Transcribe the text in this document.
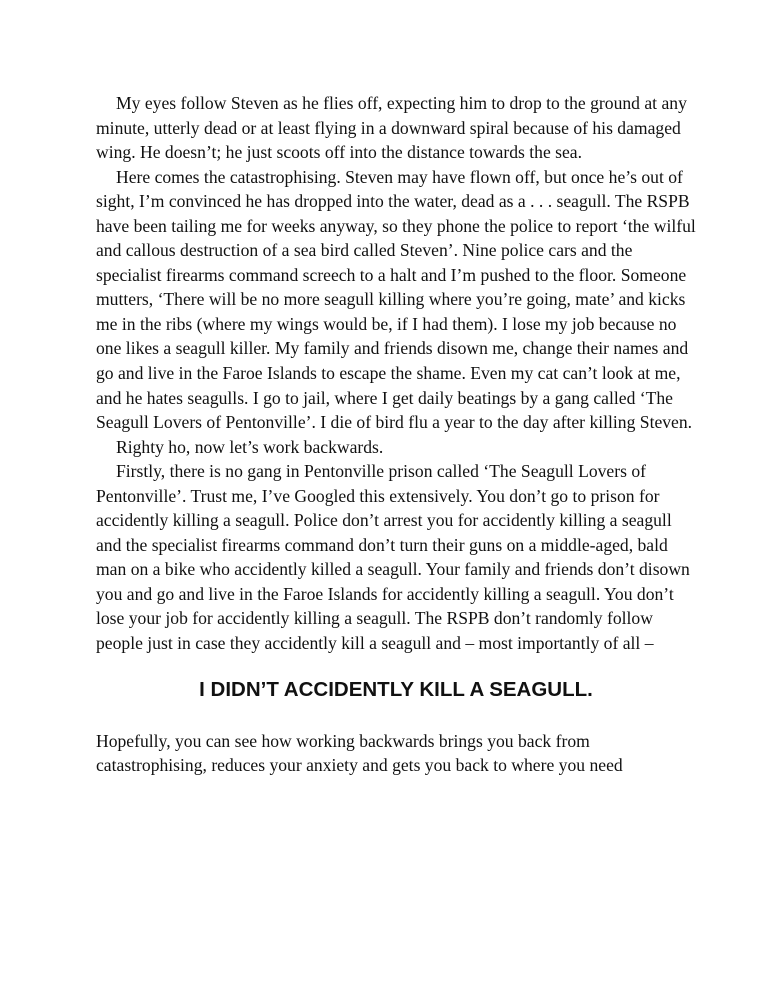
My eyes follow Steven as he flies off, expecting him to drop to the ground at any minute, utterly dead or at least flying in a downward spiral because of his damaged wing. He doesn’t; he just scoots off into the distance towards the sea.

Here comes the catastrophising. Steven may have flown off, but once he’s out of sight, I’m convinced he has dropped into the water, dead as a . . . seagull. The RSPB have been tailing me for weeks anyway, so they phone the police to report ‘the wilful and callous destruction of a sea bird called Steven’. Nine police cars and the specialist firearms command screech to a halt and I’m pushed to the floor. Someone mutters, ‘There will be no more seagull killing where you’re going, mate’ and kicks me in the ribs (where my wings would be, if I had them). I lose my job because no one likes a seagull killer. My family and friends disown me, change their names and go and live in the Faroe Islands to escape the shame. Even my cat can’t look at me, and he hates seagulls. I go to jail, where I get daily beatings by a gang called ‘The Seagull Lovers of Pentonville’. I die of bird flu a year to the day after killing Steven.

Righty ho, now let’s work backwards.

Firstly, there is no gang in Pentonville prison called ‘The Seagull Lovers of Pentonville’. Trust me, I’ve Googled this extensively. You don’t go to prison for accidently killing a seagull. Police don’t arrest you for accidently killing a seagull and the specialist firearms command don’t turn their guns on a middle-aged, bald man on a bike who accidently killed a seagull. Your family and friends don’t disown you and go and live in the Faroe Islands for accidently killing a seagull. You don’t lose your job for accidently killing a seagull. The RSPB don’t randomly follow people just in case they accidently kill a seagull and – most importantly of all –

I DIDN’T ACCIDENTLY KILL A SEAGULL.

Hopefully, you can see how working backwards brings you back from catastrophising, reduces your anxiety and gets you back to where you need
